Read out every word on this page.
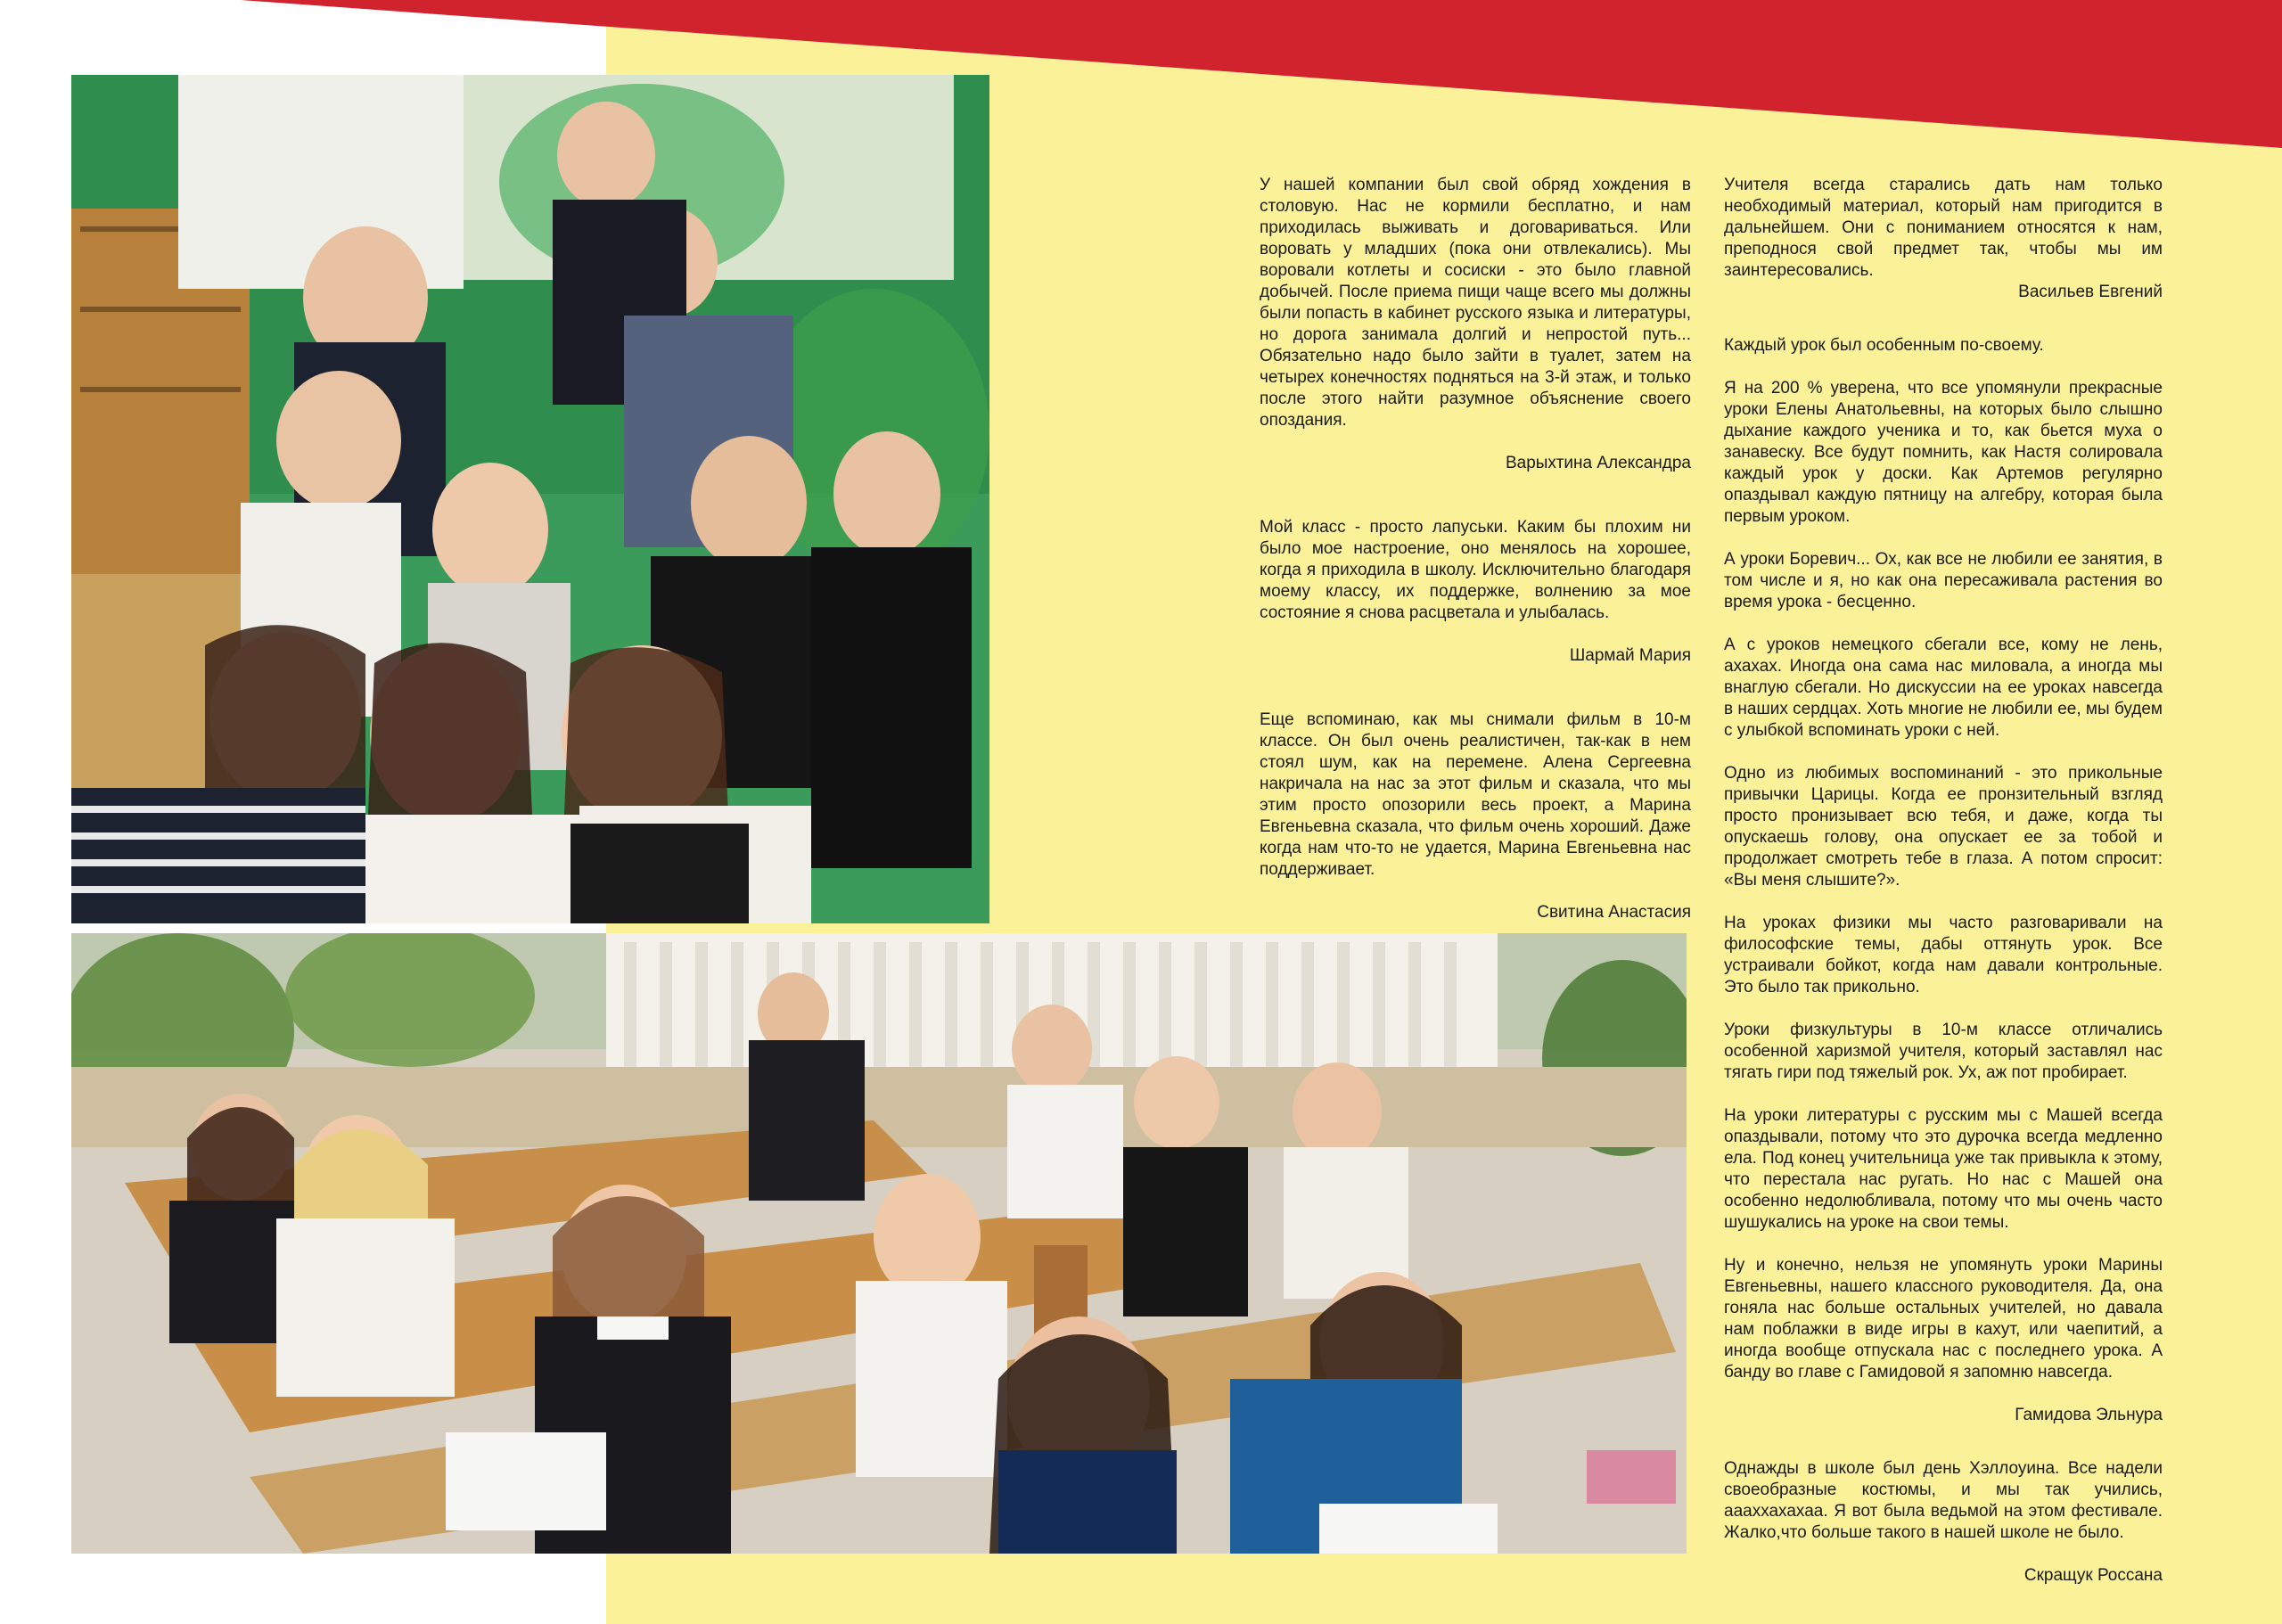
У нашей компании был свой обряд хождения в столовую. Нас не кормили бесплатно, и нам приходилась выживать и договариваться. Или воровать у младших (пока они отвлекались). Мы воровали котлеты и сосиски - это было главной добычей. После приема пищи чаще всего мы должны были попасть в кабинет русского языка и литературы, но дорога занимала долгий и непростой путь... Обязательно надо было зайти в туалет, затем на четырех конечностях подняться на 3-й этаж, и только после этого найти разумное объяснение своего опоздания.

Варыхтина Александра

Мой класс - просто лапуськи. Каким бы плохим ни было мое настроение, оно менялось на хорошее, когда я приходила в школу. Исключительно благодаря моему классу, их поддержке, волнению за мое состояние я снова расцветала и улыбалась.

Шармай Мария

Еще вспоминаю, как мы снимали фильм в 10-м классе. Он был очень реалистичен, так-как в нем стоял шум, как на перемене. Алена Сергеевна накричала на нас за этот фильм и сказала, что мы этим просто опозорили весь проект, а Марина Евгеньевна сказала, что фильм очень хороший. Даже когда нам что-то не удается, Марина Евгеньевна нас поддерживает.

Свитина Анастасия

Учителя всегда старались дать нам только необходимый материал, который нам пригодится в дальнейшем. Они с пониманием относятся к нам, преподнося свой предмет так, чтобы мы им заинтересовались.

Васильев Евгений

Каждый урок был особенным по-своему.

Я на 200 % уверена, что все упомянули прекрасные уроки Елены Анатольевны, на которых было слышно дыхание каждого ученика и то, как бьется муха о занавеску. Все будут помнить, как Настя солировала каждый урок у доски. Как Артемов регулярно опаздывал каждую пятницу на алгебру, которая была первым уроком.

А уроки Боревич... Ох, как все не любили ее занятия, в том числе и я, но как она пересаживала растения во время урока - бесценно.

А с уроков немецкого сбегали все, кому не лень, ахахах. Иногда она сама нас миловала, а иногда мы внаглую сбегали. Но дискуссии на ее уроках навсегда в наших сердцах. Хоть многие не любили ее, мы будем с улыбкой вспоминать уроки с ней.

Одно из любимых воспоминаний - это прикольные привычки Царицы. Когда ее пронзительный взгляд просто пронизывает всю тебя, и даже, когда ты опускаешь голову, она опускает ее за тобой и продолжает смотреть тебе в глаза. А потом спросит: «Вы меня слышите?».

На уроках физики мы часто разговаривали на философские темы, дабы оттянуть урок. Все устраивали бойкот, когда нам давали контрольные. Это было так прикольно.

Уроки физкультуры в 10-м классе отличались особенной харизмой учителя, который заставлял нас тягать гири под тяжелый рок. Ух, аж пот пробирает.

На уроки литературы с русским мы с Машей всегда опаздывали, потому что это дурочка всегда медленно ела. Под конец учительница уже так привыкла к этому, что перестала нас ругать. Но нас с Машей она особенно недолюбливала, потому что мы очень часто шушукались на уроке на свои темы.

Ну и конечно, нельзя не упомянуть уроки Марины Евгеньевны, нашего классного руководителя. Да, она гоняла нас больше остальных учителей, но давала нам поблажки в виде игры в кахут, или чаепитий, а иногда вообще отпускала нас с последнего урока. А банду во главе с Гамидовой я запомню навсегда.

Гамидова Эльнура

Однажды в школе был день Хэллоуина. Все надели своеобразные костюмы, и мы так учились, аааххахахаа. Я вот была ведьмой на этом фестивале. Жалко,что больше такого в нашей школе не было.

Скращук Россана
